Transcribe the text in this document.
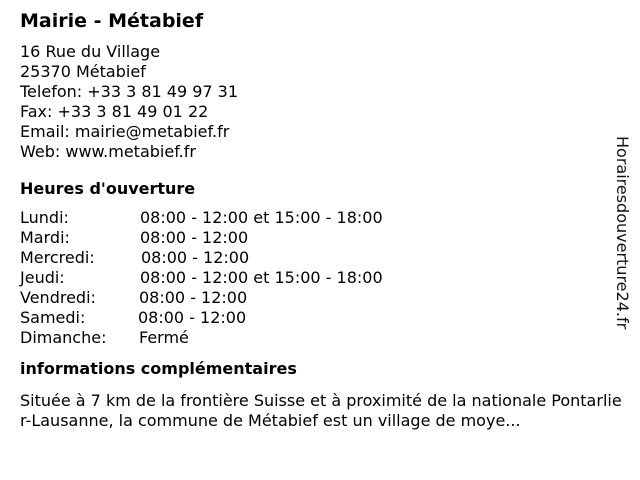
Mairie - Métabief
16 Rue du Village
25370 Métabief
Telefon: +33 3 81 49 97 31
Fax: +33 3 81 49 01 22
Email: mairie@metabief.fr
Web: www.metabief.fr
Heures d'ouverture
Lundi:	08:00 - 12:00 et 15:00 - 18:00
Mardi:	08:00 - 12:00
Mercredi:	08:00 - 12:00
Jeudi:	08:00 - 12:00 et 15:00 - 18:00
Vendredi:	08:00 - 12:00
Samedi:	08:00 - 12:00
Dimanche: Fermé
informations complémentaires
Située à 7 km de la frontière Suisse et à proximité de la nationale Pontarlier-Lausanne, la commune de Métabief est un village de moye...
Horairesdouverture24.fr
